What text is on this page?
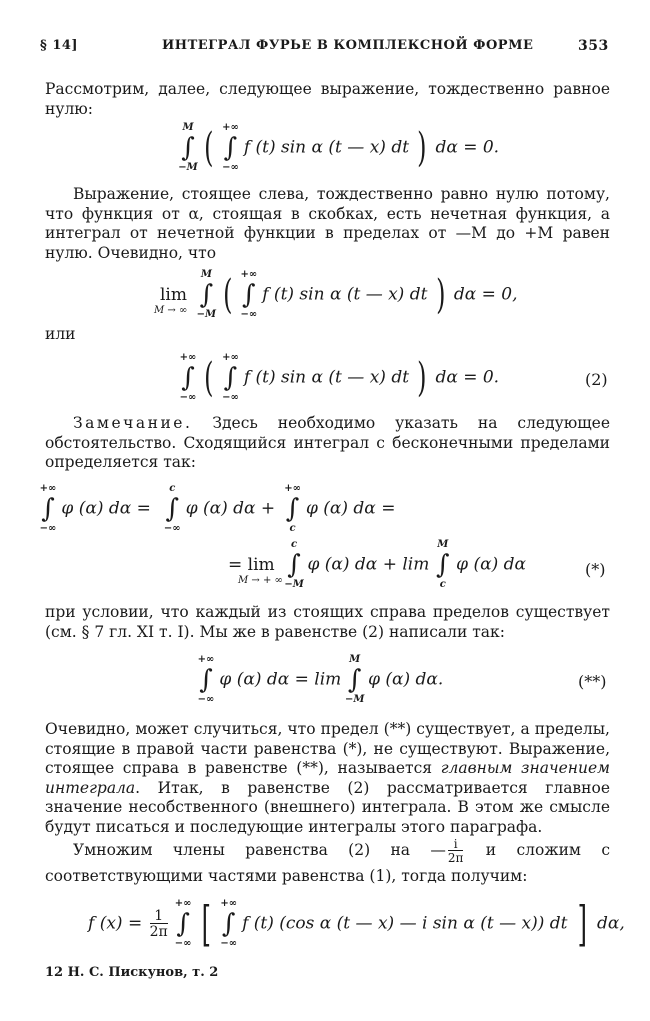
§ 14]	ИНТЕГРАЛ ФУРЬЕ В КОМПЛЕКСНОЙ ФОРМЕ	353
Рассмотрим, далее, следующее выражение, тождественно равное нулю:
∫
M
−M ( ∫
+∞
−∞
f (t) sin α (t — x) dt ) dα = 0.
Выражение, стоящее слева, тождественно равно нулю потому, что функция от α, стоящая в скобках, есть нечетная функция, а интеграл от нечетной функции в пределах от —M до +M равен нулю. Очевидно, что
lim
M → ∞ ∫
M
−M ( ∫
+∞
−∞
f (t) sin α (t — x) dt ) dα = 0,
или
∫
+∞
−∞ ( ∫
+∞
−∞
f (t) sin α (t — x) dt ) dα = 0.	(2)
Замечание. Здесь необходимо указать на следующее обстоятельство. Сходящийся интеграл с бесконечными пределами определяется так:
∫
+∞
−∞
φ (α) dα = ∫
c
−∞
φ (α) dα + ∫
+∞
c
φ (α) dα =
= lim
M → + ∞ ∫
c
−M
φ (α) dα + lim ∫
M
c
φ (α) dα	(*)
при условии, что каждый из стоящих справа пределов существует (см. § 7 гл. XI т. I). Мы же в равенстве (2) написали так:
∫
+∞
−∞
φ (α) dα = lim ∫
M
−M
φ (α) dα.	(**)
Очевидно, может случиться, что предел (**) существует, а пределы, стоящие в правой части равенства (*), не существуют. Выражение, стоящее справа в равенстве (**), называется главным значением интеграла. Итак, в равенстве (2) рассматривается главное значение несобственного (внешнего) интеграла. В этом же смысле будут писаться и последующие интегралы этого параграфа.
Умножим члены равенства (2) на — $\frac{i}{2\pi}$ и сложим с соответствующими частями равенства (1), тогда получим:
f $(x) = \frac{1}{2\pi}$ ∫
+∞
−∞ [ ∫
+∞
−∞
f (t) (cos α (t — x) — i sin α (t — x)) dt ] dα,
12 Н. С. Пискунов, т. 2
